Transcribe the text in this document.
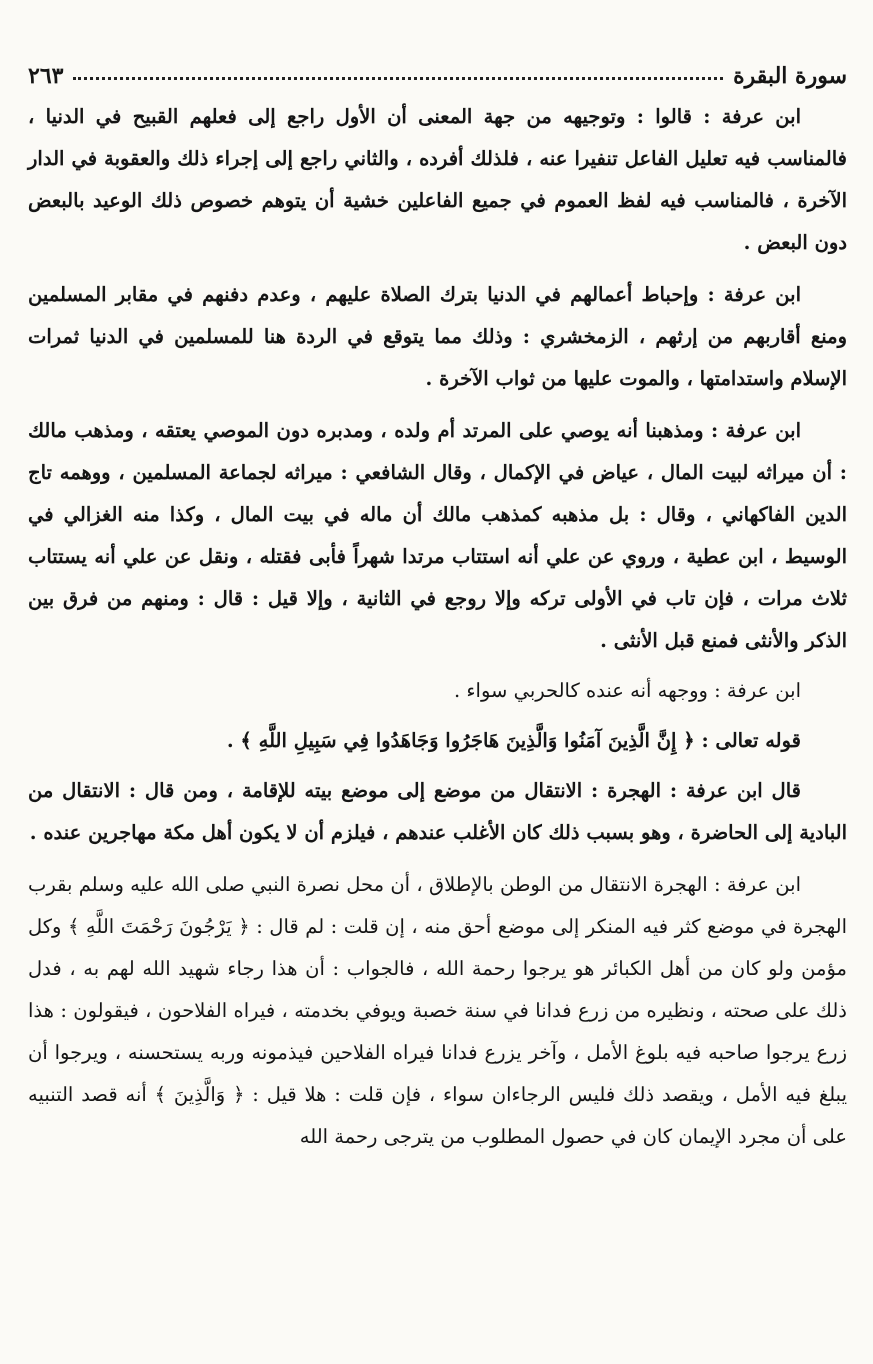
سورة البقرة
٢٦٣

ابن عرفة : قالوا : وتوجيهه من جهة المعنى أن الأول راجع إلى فعلهم القبيح في الدنيا ، فالمناسب فيه تعليل الفاعل تنفيرا عنه ، فلذلك أفرده ، والثاني راجع إلى إجراء ذلك والعقوبة في الدار الآخرة ، فالمناسب فيه لفظ العموم في جميع الفاعلين خشية أن يتوهم خصوص ذلك الوعيد بالبعض دون البعض .

ابن عرفة : وإحباط أعمالهم في الدنيا بترك الصلاة عليهم ، وعدم دفنهم في مقابر المسلمين ومنع أقاربهم من إرثهم ، الزمخشري : وذلك مما يتوقع في الردة هنا للمسلمين في الدنيا ثمرات الإسلام واستدامتها ، والموت عليها من ثواب الآخرة .

ابن عرفة : ومذهبنا أنه يوصي على المرتد أم ولده ، ومدبره دون الموصي يعتقه ، ومذهب مالك : أن ميراثه لبيت المال ، عياض في الإكمال ، وقال الشافعي : ميراثه لجماعة المسلمين ، ووهمه تاج الدين الفاكهاني ، وقال : بل مذهبه كمذهب مالك أن ماله في بيت المال ، وكذا منه الغزالي في الوسيط ، ابن عطية ، وروي عن علي أنه استتاب مرتدا شهراً فأبى فقتله ، ونقل عن علي أنه يستتاب ثلاث مرات ، فإن تاب في الأولى تركه وإلا روجع في الثانية ، وإلا قيل : قال : ومنهم من فرق بين الذكر والأنثى فمنع قبل الأنثى .

ابن عرفة : ووجهه أنه عنده كالحربي سواء .

قوله تعالى : ﴿ إِنَّ الَّذِينَ آمَنُوا وَالَّذِينَ هَاجَرُوا وَجَاهَدُوا فِي سَبِيلِ اللَّهِ ﴾ .

قال ابن عرفة : الهجرة : الانتقال من موضع إلى موضع بيته للإقامة ، ومن قال : الانتقال من البادية إلى الحاضرة ، وهو بسبب ذلك كان الأغلب عندهم ، فيلزم أن لا يكون أهل مكة مهاجرين عنده .

ابن عرفة : الهجرة الانتقال من الوطن بالإطلاق ، أن محل نصرة النبي صلى الله عليه وسلم بقرب الهجرة في موضع كثر فيه المنكر إلى موضع أحق منه ، إن قلت : لم قال : ﴿ يَرْجُونَ رَحْمَتَ اللَّهِ ﴾ وكل مؤمن ولو كان من أهل الكبائر هو يرجوا رحمة الله ، فالجواب : أن هذا رجاء شهيد الله لهم به ، فدل ذلك على صحته ، ونظيره من زرع فدانا في سنة خصبة ويوفي بخدمته ، فيراه الفلاحون ، فيقولون : هذا زرع يرجوا صاحبه فيه بلوغ الأمل ، وآخر يزرع فدانا فيراه الفلاحين فيذمونه وربه يستحسنه ، ويرجوا أن يبلغ فيه الأمل ، ويقصد ذلك فليس الرجاءان سواء ، فإن قلت : هلا قيل : ﴿ وَالَّذِينَ ﴾ أنه قصد التنبيه على أن مجرد الإيمان كان في حصول المطلوب من يترجى رحمة الله
